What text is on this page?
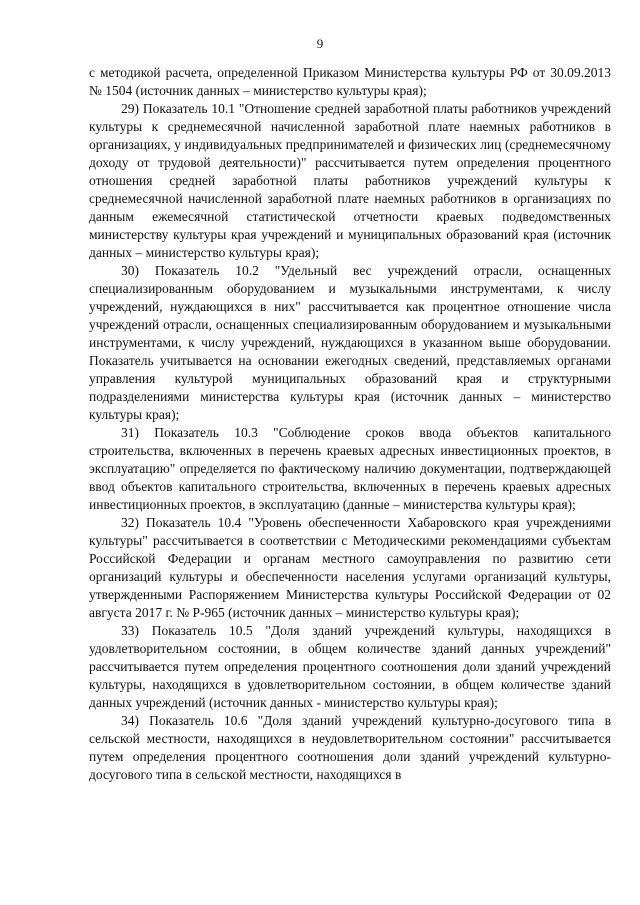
9

с методикой расчета, определенной Приказом Министерства культуры РФ от 30.09.2013 № 1504 (источник данных – министерство культуры края);

29) Показатель 10.1 "Отношение средней заработной платы работников учреждений культуры к среднемесячной начисленной заработной плате наемных работников в организациях, у индивидуальных предпринимателей и физических лиц (среднемесячному доходу от трудовой деятельности)" рассчитывается путем определения процентного отношения средней заработной платы работников учреждений культуры к среднемесячной начисленной заработной плате наемных работников в организациях по данным ежемесячной статистической отчетности краевых подведомственных министерству культуры края учреждений и муниципальных образований края (источник данных – министерство культуры края);

30) Показатель 10.2 "Удельный вес учреждений отрасли, оснащенных специализированным оборудованием и музыкальными инструментами, к числу учреждений, нуждающихся в них" рассчитывается как процентное отношение числа учреждений отрасли, оснащенных специализированным оборудованием и музыкальными инструментами, к числу учреждений, нуждающихся в указанном выше оборудовании. Показатель учитывается на основании ежегодных сведений, представляемых органами управления культурой муниципальных образований края и структурными подразделениями министерства культуры края (источник данных – министерство культуры края);

31) Показатель 10.3 "Соблюдение сроков ввода объектов капитального строительства, включенных в перечень краевых адресных инвестиционных проектов, в эксплуатацию" определяется по фактическому наличию документации, подтверждающей ввод объектов капитального строительства, включенных в перечень краевых адресных инвестиционных проектов, в эксплуатацию (данные – министерства культуры края);

32) Показатель 10.4 "Уровень обеспеченности Хабаровского края учреждениями культуры" рассчитывается в соответствии с Методическими рекомендациями субъектам Российской Федерации и органам местного самоуправления по развитию сети организаций культуры и обеспеченности населения услугами организаций культуры, утвержденными Распоряжением Министерства культуры Российской Федерации от 02 августа 2017 г. № Р-965 (источник данных – министерство культуры края);

33) Показатель 10.5 "Доля зданий учреждений культуры, находящихся в удовлетворительном состоянии, в общем количестве зданий данных учреждений" рассчитывается путем определения процентного соотношения доли зданий учреждений культуры, находящихся в удовлетворительном состоянии, в общем количестве зданий данных учреждений (источник данных - министерство культуры края);

34) Показатель 10.6 "Доля зданий учреждений культурно-досугового типа в сельской местности, находящихся в неудовлетворительном состоянии" рассчитывается путем определения процентного соотношения доли зданий учреждений культурно-досугового типа в сельской местности, находящихся в
